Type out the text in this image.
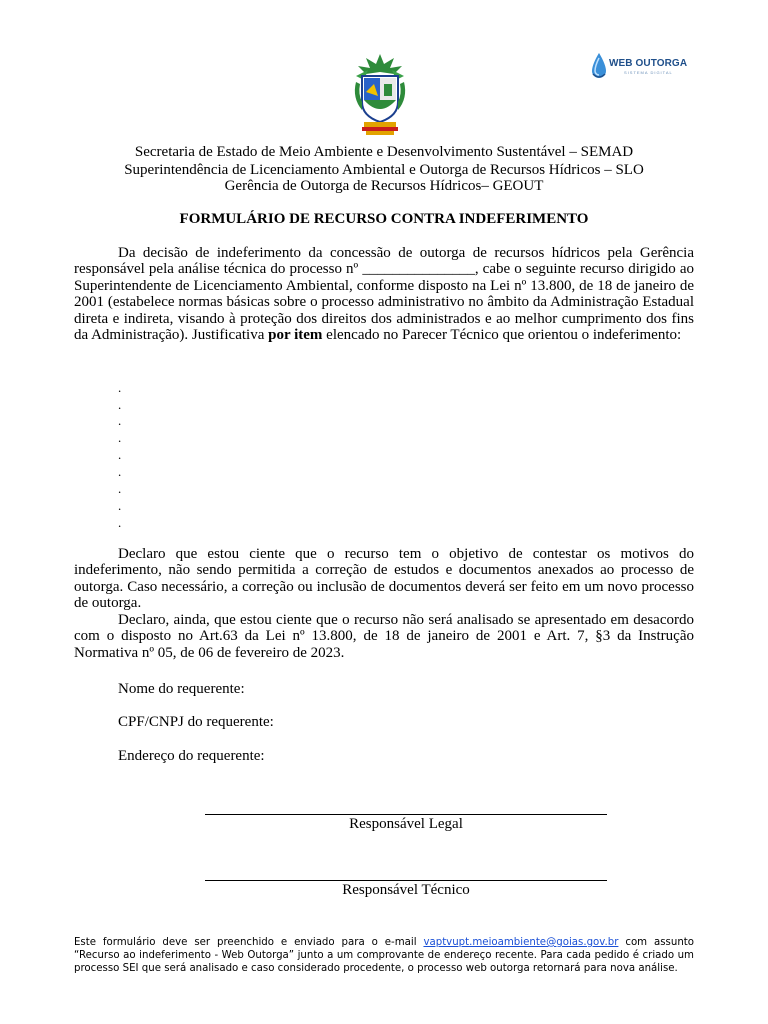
WEB OUTORGA
SISTEMA DIGITAL
Secretaria de Estado de Meio Ambiente e Desenvolvimento Sustentável – SEMAD
Superintendência de Licenciamento Ambiental e Outorga de Recursos Hídricos – SLO
Gerência de Outorga de Recursos Hídricos– GEOUT
FORMULÁRIO DE RECURSO CONTRA INDEFERIMENTO

Da decisão de indeferimento da concessão de outorga de recursos hídricos pela Gerência responsável pela análise técnica do processo nº _______________, cabe o seguinte recurso dirigido ao Superintendente de Licenciamento Ambiental, conforme disposto na Lei nº 13.800, de 18 de janeiro de 2001 (estabelece normas básicas sobre o processo administrativo no âmbito da Administração Estadual direta e indireta, visando à proteção dos direitos dos administrados e ao melhor cumprimento dos fins da Administração). Justificativa por item elencado no Parecer Técnico que orientou o indeferimento:

.
.
.
.
.
.
.
.
.

Declaro que estou ciente que o recurso tem o objetivo de contestar os motivos do indeferimento, não sendo permitida a correção de estudos e documentos anexados ao processo de outorga. Caso necessário, a correção ou inclusão de documentos deverá ser feito em um novo processo de outorga.

Declaro, ainda, que estou ciente que o recurso não será analisado se apresentado em desacordo com o disposto no Art.63 da Lei nº 13.800, de 18 de janeiro de 2001 e Art. 7, §3 da Instrução Normativa nº 05, de 06 de fevereiro de 2023.

Nome do requerente:
CPF/CNPJ do requerente:
Endereço do requerente:
Responsável Legal
Responsável Técnico

Este formulário deve ser preenchido e enviado para o e-mail vaptvupt.meioambiente@goias.gov.br com assunto “Recurso ao indeferimento - Web Outorga” junto a um comprovante de endereço recente. Para cada pedido é criado um processo SEI que será analisado e caso considerado procedente, o processo web outorga retornará para nova análise.
